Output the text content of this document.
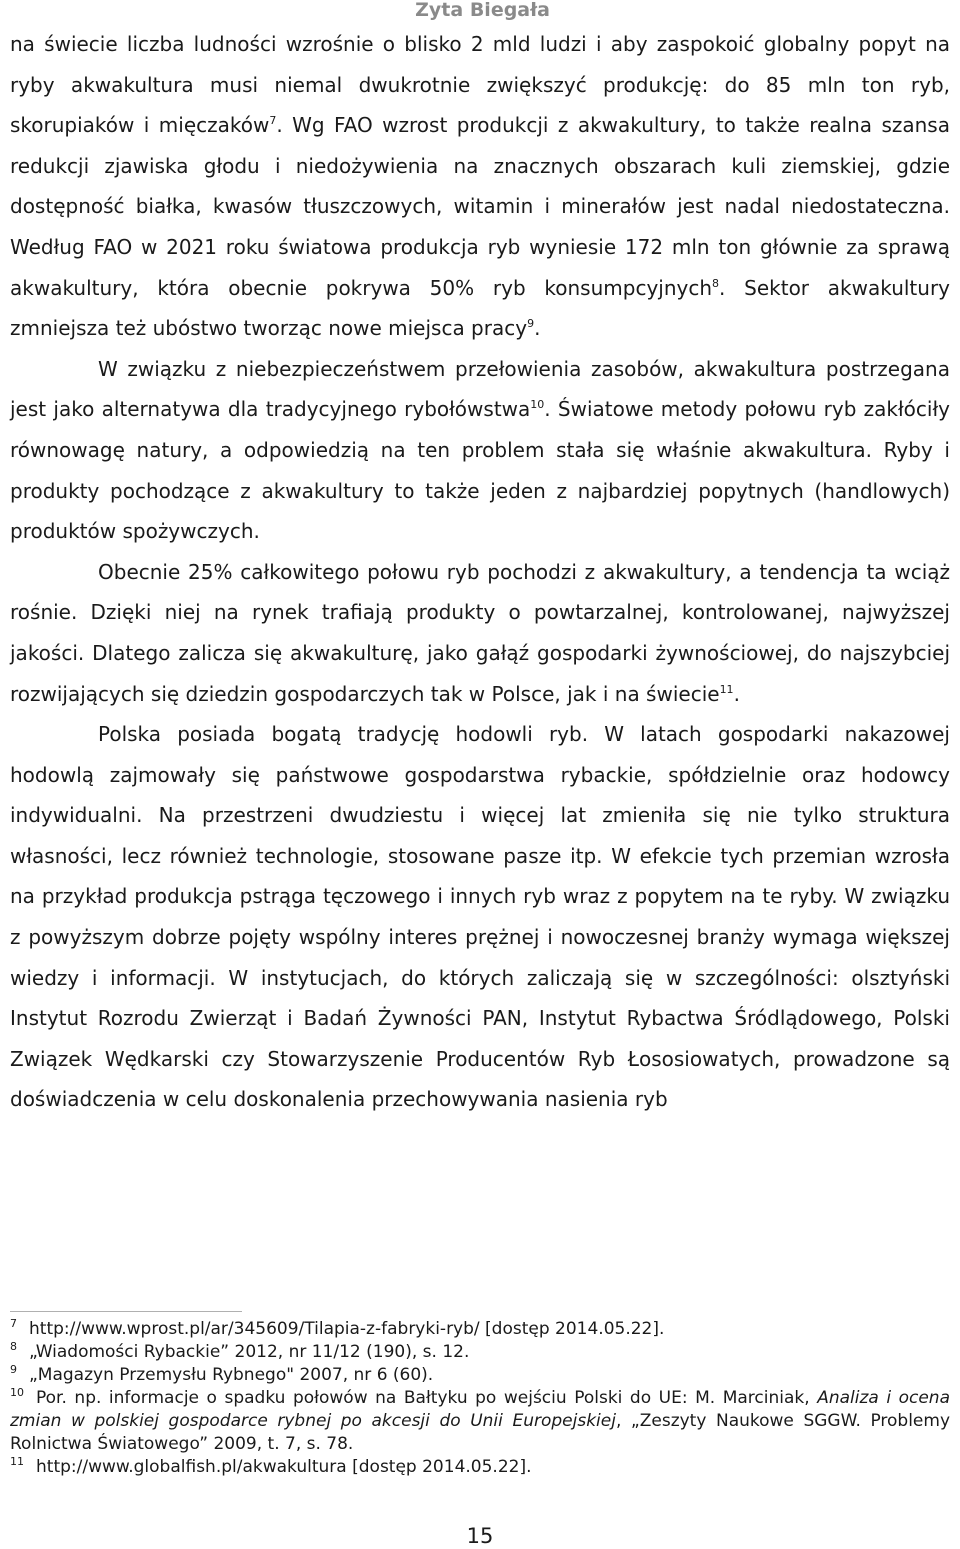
Zyta Biegała

na świecie liczba ludności wzrośnie o blisko 2 mld ludzi i aby zaspokoić globalny popyt na ryby akwakultura musi niemal dwukrotnie zwiększyć produkcję: do 85 mln ton ryb, skorupiaków i mięczaków$^7$. Wg FAO wzrost produkcji z akwakultury, to także realna szansa redukcji zjawiska głodu i niedożywienia na znacznych obszarach kuli ziemskiej, gdzie dostępność białka, kwasów tłuszczowych, witamin i minerałów jest nadal niedostateczna. Według FAO w 2021 roku światowa produkcja ryb wyniesie 172 mln ton głównie za sprawą akwakultury, która obecnie pokrywa 50% ryb konsumpcyjnych$^8$. Sektor akwakultury zmniejsza też ubóstwo tworząc nowe miejsca pracy$^9$.

W związku z niebezpieczeństwem przełowienia zasobów, akwakultura postrzegana jest jako alternatywa dla tradycyjnego rybołówstwa$^{10}$. Światowe metody połowu ryb zakłóciły równowagę natury, a odpowiedzią na ten problem stała się właśnie akwakultura. Ryby i produkty pochodzące z akwakultury to także jeden z najbardziej popytnych (handlowych) produktów spożywczych.

Obecnie 25% całkowitego połowu ryb pochodzi z akwakultury, a tendencja ta wciąż rośnie. Dzięki niej na rynek trafiają produkty o powtarzalnej, kontrolowanej, najwyższej jakości. Dlatego zalicza się akwakulturę, jako gałąź gospodarki żywnościowej, do najszybciej rozwijających się dziedzin gospodarczych tak w Polsce, jak i na świecie$^{11}$.

Polska posiada bogatą tradycję hodowli ryb. W latach gospodarki nakazowej hodowlą zajmowały się państwowe gospodarstwa rybackie, spółdzielnie oraz hodowcy indywidualni. Na przestrzeni dwudziestu i więcej lat zmieniła się nie tylko struktura własności, lecz również technologie, stosowane pasze itp. W efekcie tych przemian wzrosła na przykład produkcja pstrąga tęczowego i innych ryb wraz z popytem na te ryby. W związku z powyższym dobrze pojęty wspólny interes prężnej i nowoczesnej branży wymaga większej wiedzy i informacji. W instytucjach, do których zaliczają się w szczególności: olsztyński Instytut Rozrodu Zwierząt i Badań Żywności PAN, Instytut Rybactwa Śródlądowego, Polski Związek Wędkarski czy Stowarzyszenie Producentów Ryb Łososiowatych, prowadzone są doświadczenia w celu doskonalenia przechowywania nasienia ryb

$^7$ http://www.wprost.pl/ar/345609/Tilapia-z-fabryki-ryb/ [dostęp 2014.05.22].

$^8$ „Wiadomości Rybackie” 2012, nr 11/12 (190), s. 12.

$^9$ „Magazyn Przemysłu Rybnego" 2007, nr 6 (60).

$^{10}$ Por. np. informacje o spadku połowów na Bałtyku po wejściu Polski do UE: M. Marciniak, Analiza i ocena zmian w polskiej gospodarce rybnej po akcesji do Unii Europejskiej, „Zeszyty Naukowe SGGW. Problemy Rolnictwa Światowego” 2009, t. 7, s. 78.

$^{11}$ http://www.globalfish.pl/akwakultura [dostęp 2014.05.22].

15
